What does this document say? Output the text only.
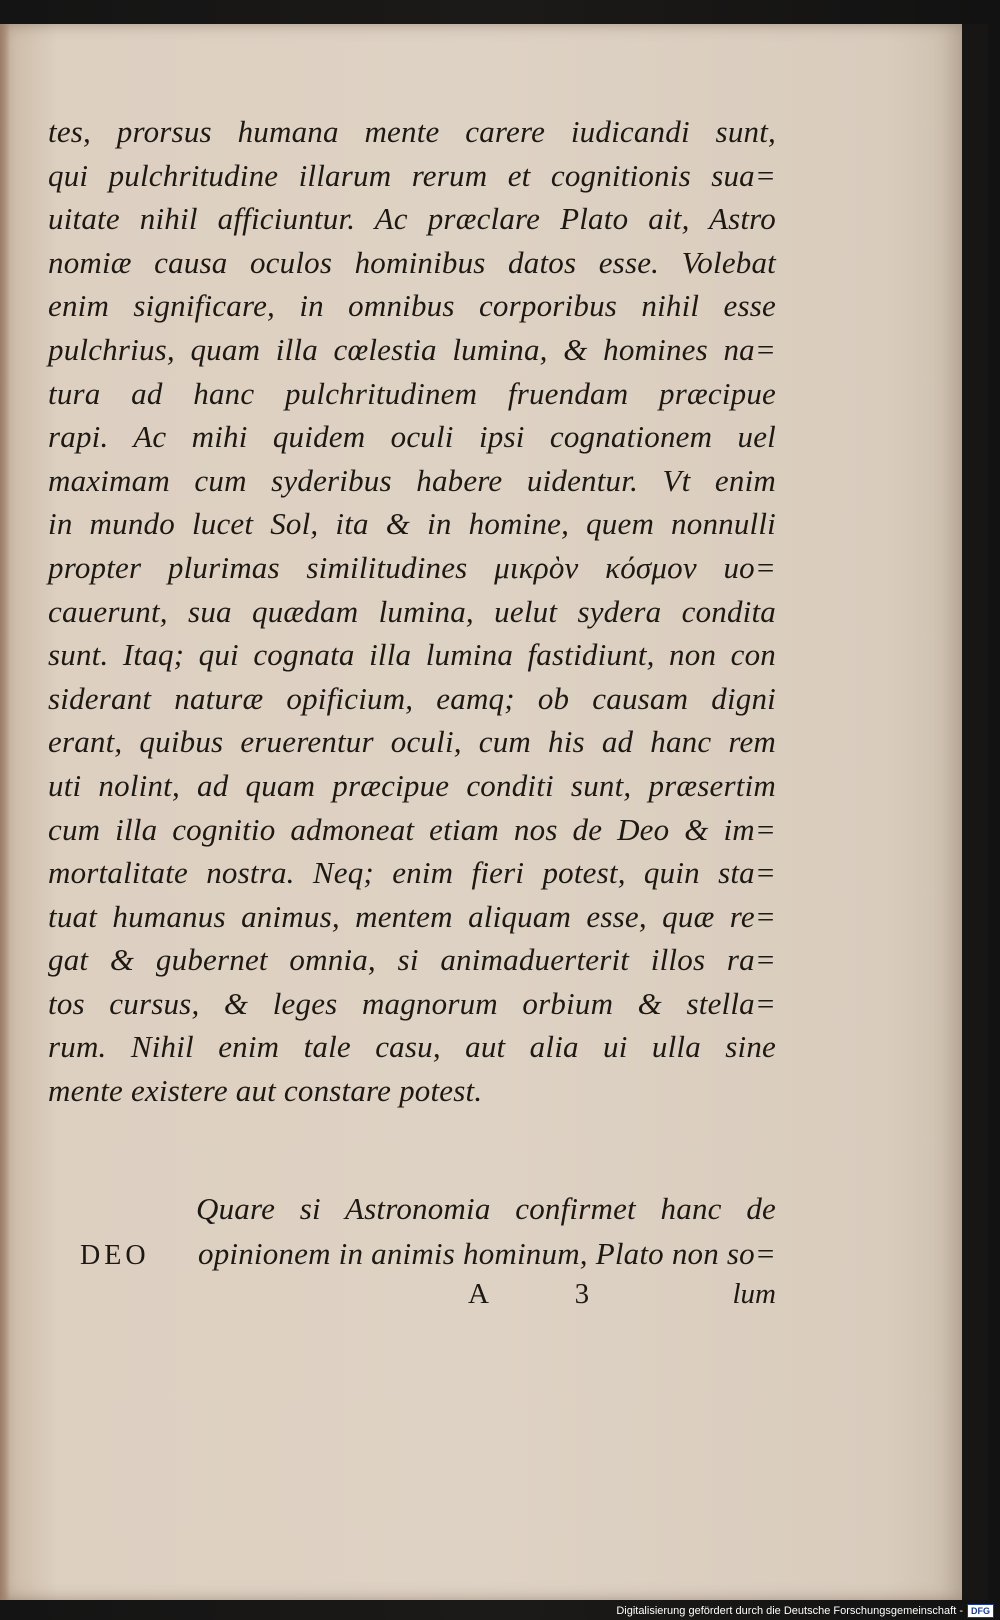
tes, prorsus humana mente carere iudicandi sunt,
qui pulchritudine illarum rerum et cognitionis sua=
uitate nihil afficiuntur. Ac præclare Plato ait, Astro
nomiæ causa oculos hominibus datos esse. Volebat
enim significare, in omnibus corporibus nihil esse
pulchrius, quam illa cœlestia lumina, & homines na=
tura ad hanc pulchritudinem fruendam præcipue
rapi. Ac mihi quidem oculi ipsi cognationem uel
maximam cum syderibus habere uidentur. Vt enim
in mundo lucet Sol, ita & in homine, quem nonnulli
propter plurimas similitudines μικρὸν κόσμον uo=
cauerunt, sua quædam lumina, uelut sydera condita
sunt. Itaq; qui cognata illa lumina fastidiunt, non con
siderant naturæ opificium, eamq; ob causam digni
erant, quibus eruerentur oculi, cum his ad hanc rem
uti nolint, ad quam præcipue conditi sunt, præsertim
cum illa cognitio admoneat etiam nos de Deo & im=
mortalitate nostra. Neq; enim fieri potest, quin sta=
tuat humanus animus, mentem aliquam esse, quæ re=
gat & gubernet omnia, si animaduerterit illos ra=
tos cursus, & leges magnorum orbium & stella=
rum. Nihil enim tale casu, aut alia ui ulla sine
mente existere aut constare potest.
Quare si Astronomia confirmet hanc de
DEO	opinionem in animis hominum, Plato non so=
A 3	lum
Digitalisierung gefördert durch die Deutsche Forschungsgemeinschaft - DFG
